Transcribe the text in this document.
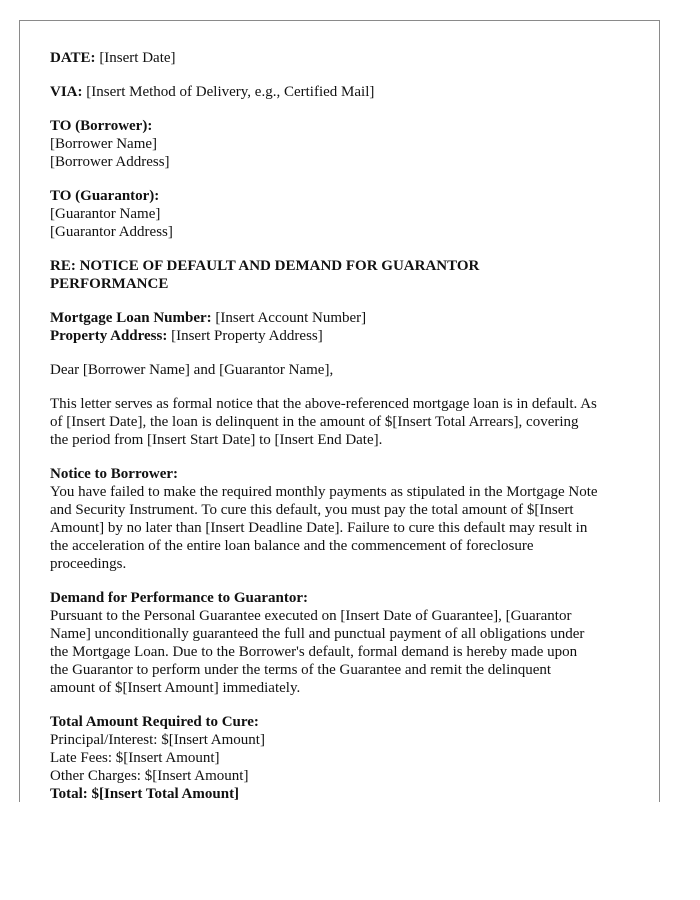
DATE: [Insert Date]
VIA: [Insert Method of Delivery, e.g., Certified Mail]
TO (Borrower):
[Borrower Name]
[Borrower Address]
TO (Guarantor):
[Guarantor Name]
[Guarantor Address]
RE: NOTICE OF DEFAULT AND DEMAND FOR GUARANTOR
PERFORMANCE
Mortgage Loan Number: [Insert Account Number]
Property Address: [Insert Property Address]
Dear [Borrower Name] and [Guarantor Name],
This letter serves as formal notice that the above-referenced mortgage loan is in default. As
of [Insert Date], the loan is delinquent in the amount of $[Insert Total Arrears], covering
the period from [Insert Start Date] to [Insert End Date].
Notice to Borrower:
You have failed to make the required monthly payments as stipulated in the Mortgage Note
and Security Instrument. To cure this default, you must pay the total amount of $[Insert
Amount] by no later than [Insert Deadline Date]. Failure to cure this default may result in
the acceleration of the entire loan balance and the commencement of foreclosure
proceedings.
Demand for Performance to Guarantor:
Pursuant to the Personal Guarantee executed on [Insert Date of Guarantee], [Guarantor
Name] unconditionally guaranteed the full and punctual payment of all obligations under
the Mortgage Loan. Due to the Borrower's default, formal demand is hereby made upon
the Guarantor to perform under the terms of the Guarantee and remit the delinquent
amount of $[Insert Amount] immediately.
Total Amount Required to Cure:
Principal/Interest: $[Insert Amount]
Late Fees: $[Insert Amount]
Other Charges: $[Insert Amount]
Total: $[Insert Total Amount]
